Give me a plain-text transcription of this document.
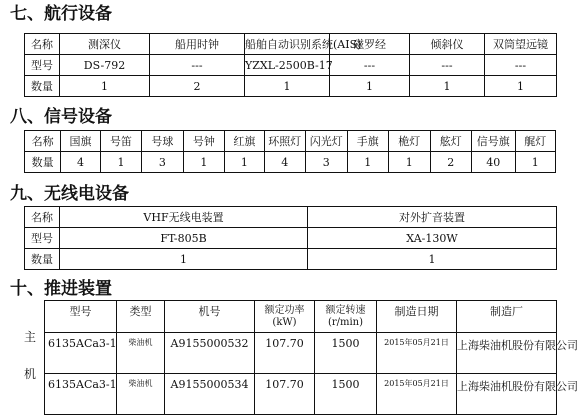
七、航行设备
名称	测深仪	船用时钟	船舶自动识别系统(AIS)	磁罗经	倾斜仪	双筒望远镜
型号	DS-792	---	YZXL-2500B-17	---	---	---
数量	1	2	1	1	1	1
八、信号设备
名称	国旗	号笛	号球	号钟	红旗	环照灯	闪光灯	手旗	桅灯	舷灯	信号旗	艉灯
数量	4	1	3	1	1	4	3	1	1	2	40	1
九、无线电设备
名称	VHF无线电装置	对外扩音装置
型号	FT-805B	XA-130W
数量	1	1
十、推进装置
主
机
型号	类型	机号	额定功率 (kW)	额定转速 (r/min)	制造日期	制造厂
6135ACa3-1	柴油机	A9155000532	107.70	1500	2015年05月21日	上海柴油机股份有限公司
6135ACa3-1	柴油机	A9155000534	107.70	1500	2015年05月21日	上海柴油机股份有限公司
